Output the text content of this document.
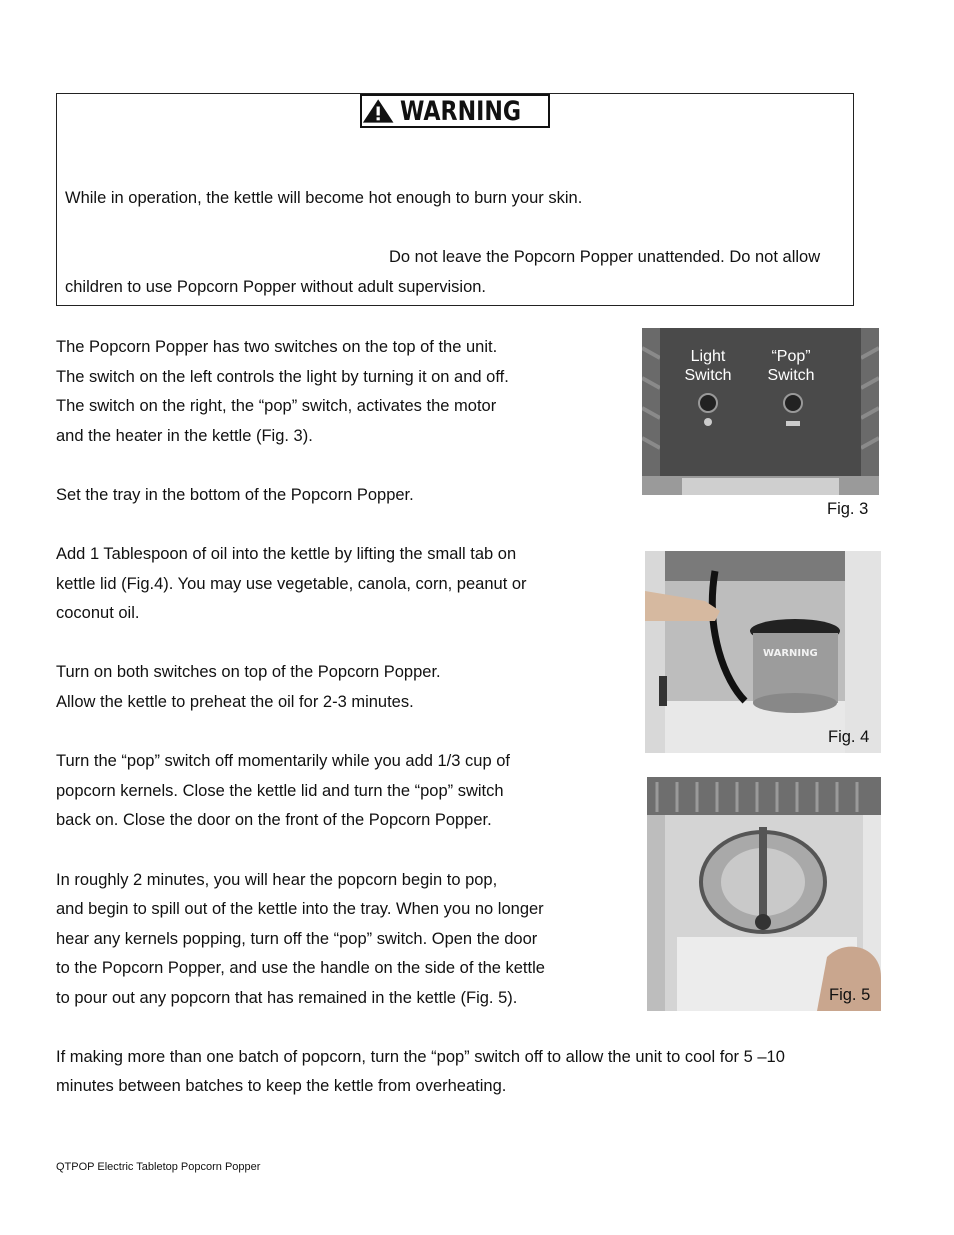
WARNING
While in operation, the kettle will become hot enough to burn your skin.
Do not leave the Popcorn Popper unattended. Do not allow
children to use Popcorn Popper without adult supervision.
The Popcorn Popper has two switches on the top of the unit.
The switch on the left controls the light by turning it on and off.
The switch on the right, the “pop” switch, activates the motor
and the heater in the kettle (Fig. 3).
Set the tray in the bottom of the Popcorn Popper.
Add 1 Tablespoon of oil into the kettle by lifting the small tab on
kettle lid (Fig.4). You may use vegetable, canola, corn, peanut or
coconut oil.
Turn on both switches on top of the Popcorn Popper.
Allow the kettle to preheat the oil for 2-3 minutes.
Turn the “pop” switch off momentarily while you add 1/3 cup of
popcorn kernels. Close the kettle lid and turn the “pop” switch
back on. Close the door on the front of the Popcorn Popper.
In roughly 2 minutes, you will hear the popcorn begin to pop,
and begin to spill out of the kettle into the tray. When you no longer
hear any kernels popping, turn off the “pop” switch. Open the door
to the Popcorn Popper, and use the handle on the side of the kettle
to pour out any popcorn that has remained in the kettle (Fig. 5).
If making more than one batch of popcorn, turn the “pop” switch off to allow the unit to cool for 5 –10
minutes between batches to keep the kettle from overheating.
Light
Switch
“Pop”
Switch
Fig. 3
WARNING
Fig. 4
Fig. 5
QTPOP Electric Tabletop Popcorn Popper
